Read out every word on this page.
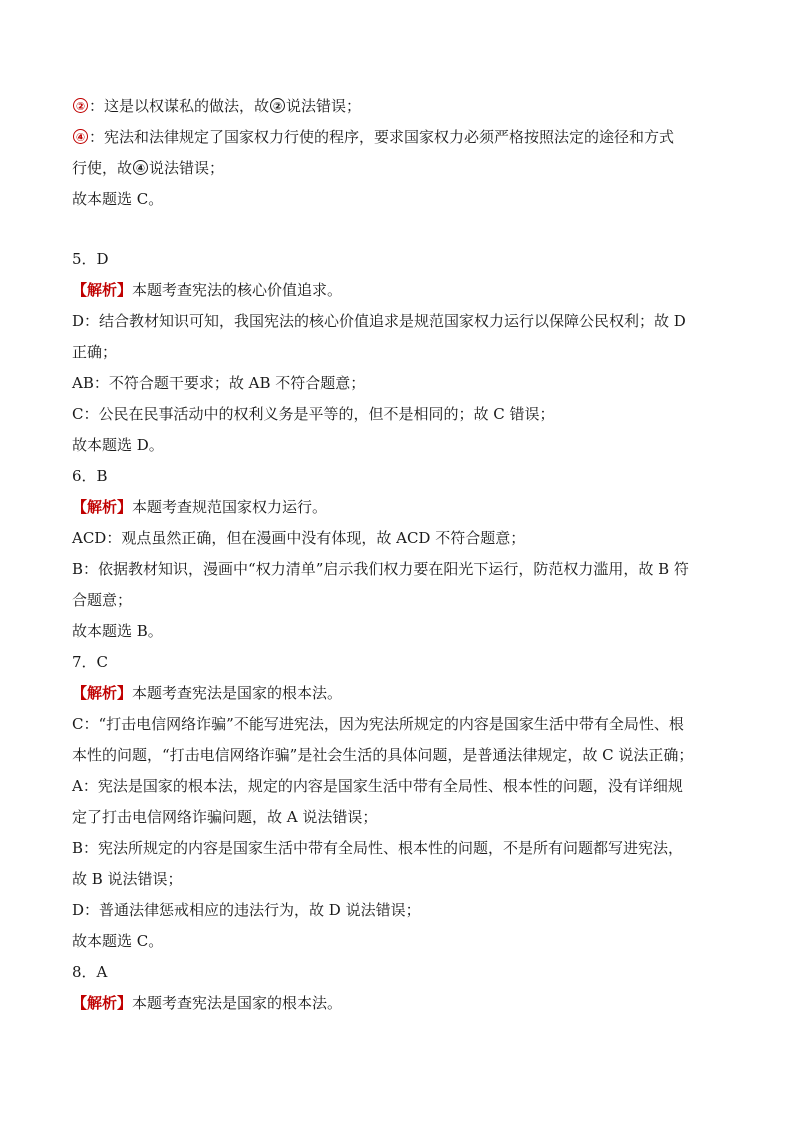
② ：这是以权谋私的做法，故 ② 说法错误；
④ ：宪法和法律规定了国家权力行使的程序，要求国家权力必须严格按照法定的途径和方式
行使，故 ④ 说法错误；
故本题选 C。
5．D
【解析】本题考查宪法的核心价值追求。
D：结合教材知识可知，我国宪法的核心价值追求是规范国家权力运行以保障公民权利；故 D
正确；
AB：不符合题干要求；故 AB 不符合题意；
C：公民在民事活动中的权利义务是平等的，但不是相同的；故 C 错误；
故本题选 D。
6．B
【解析】本题考查规范国家权力运行。
ACD：观点虽然正确，但在漫画中没有体现，故 ACD 不符合题意；
B：依据教材知识，漫画中“权力清单”启示我们权力要在阳光下运行，防范权力滥用，故 B 符
合题意；
故本题选 B。
7．C
【解析】本题考查宪法是国家的根本法。
C：“打击电信网络诈骗”不能写进宪法，因为宪法所规定的内容是国家生活中带有全局性、根
本性的问题，“打击电信网络诈骗”是社会生活的具体问题，是普通法律规定，故 C 说法正确；
A：宪法是国家的根本法，规定的内容是国家生活中带有全局性、根本性的问题，没有详细规
定了打击电信网络诈骗问题，故 A 说法错误；
B：宪法所规定的内容是国家生活中带有全局性、根本性的问题，不是所有问题都写进宪法，
故 B 说法错误；
D：普通法律惩戒相应的违法行为，故 D 说法错误；
故本题选 C。
8．A
【解析】本题考查宪法是国家的根本法。
